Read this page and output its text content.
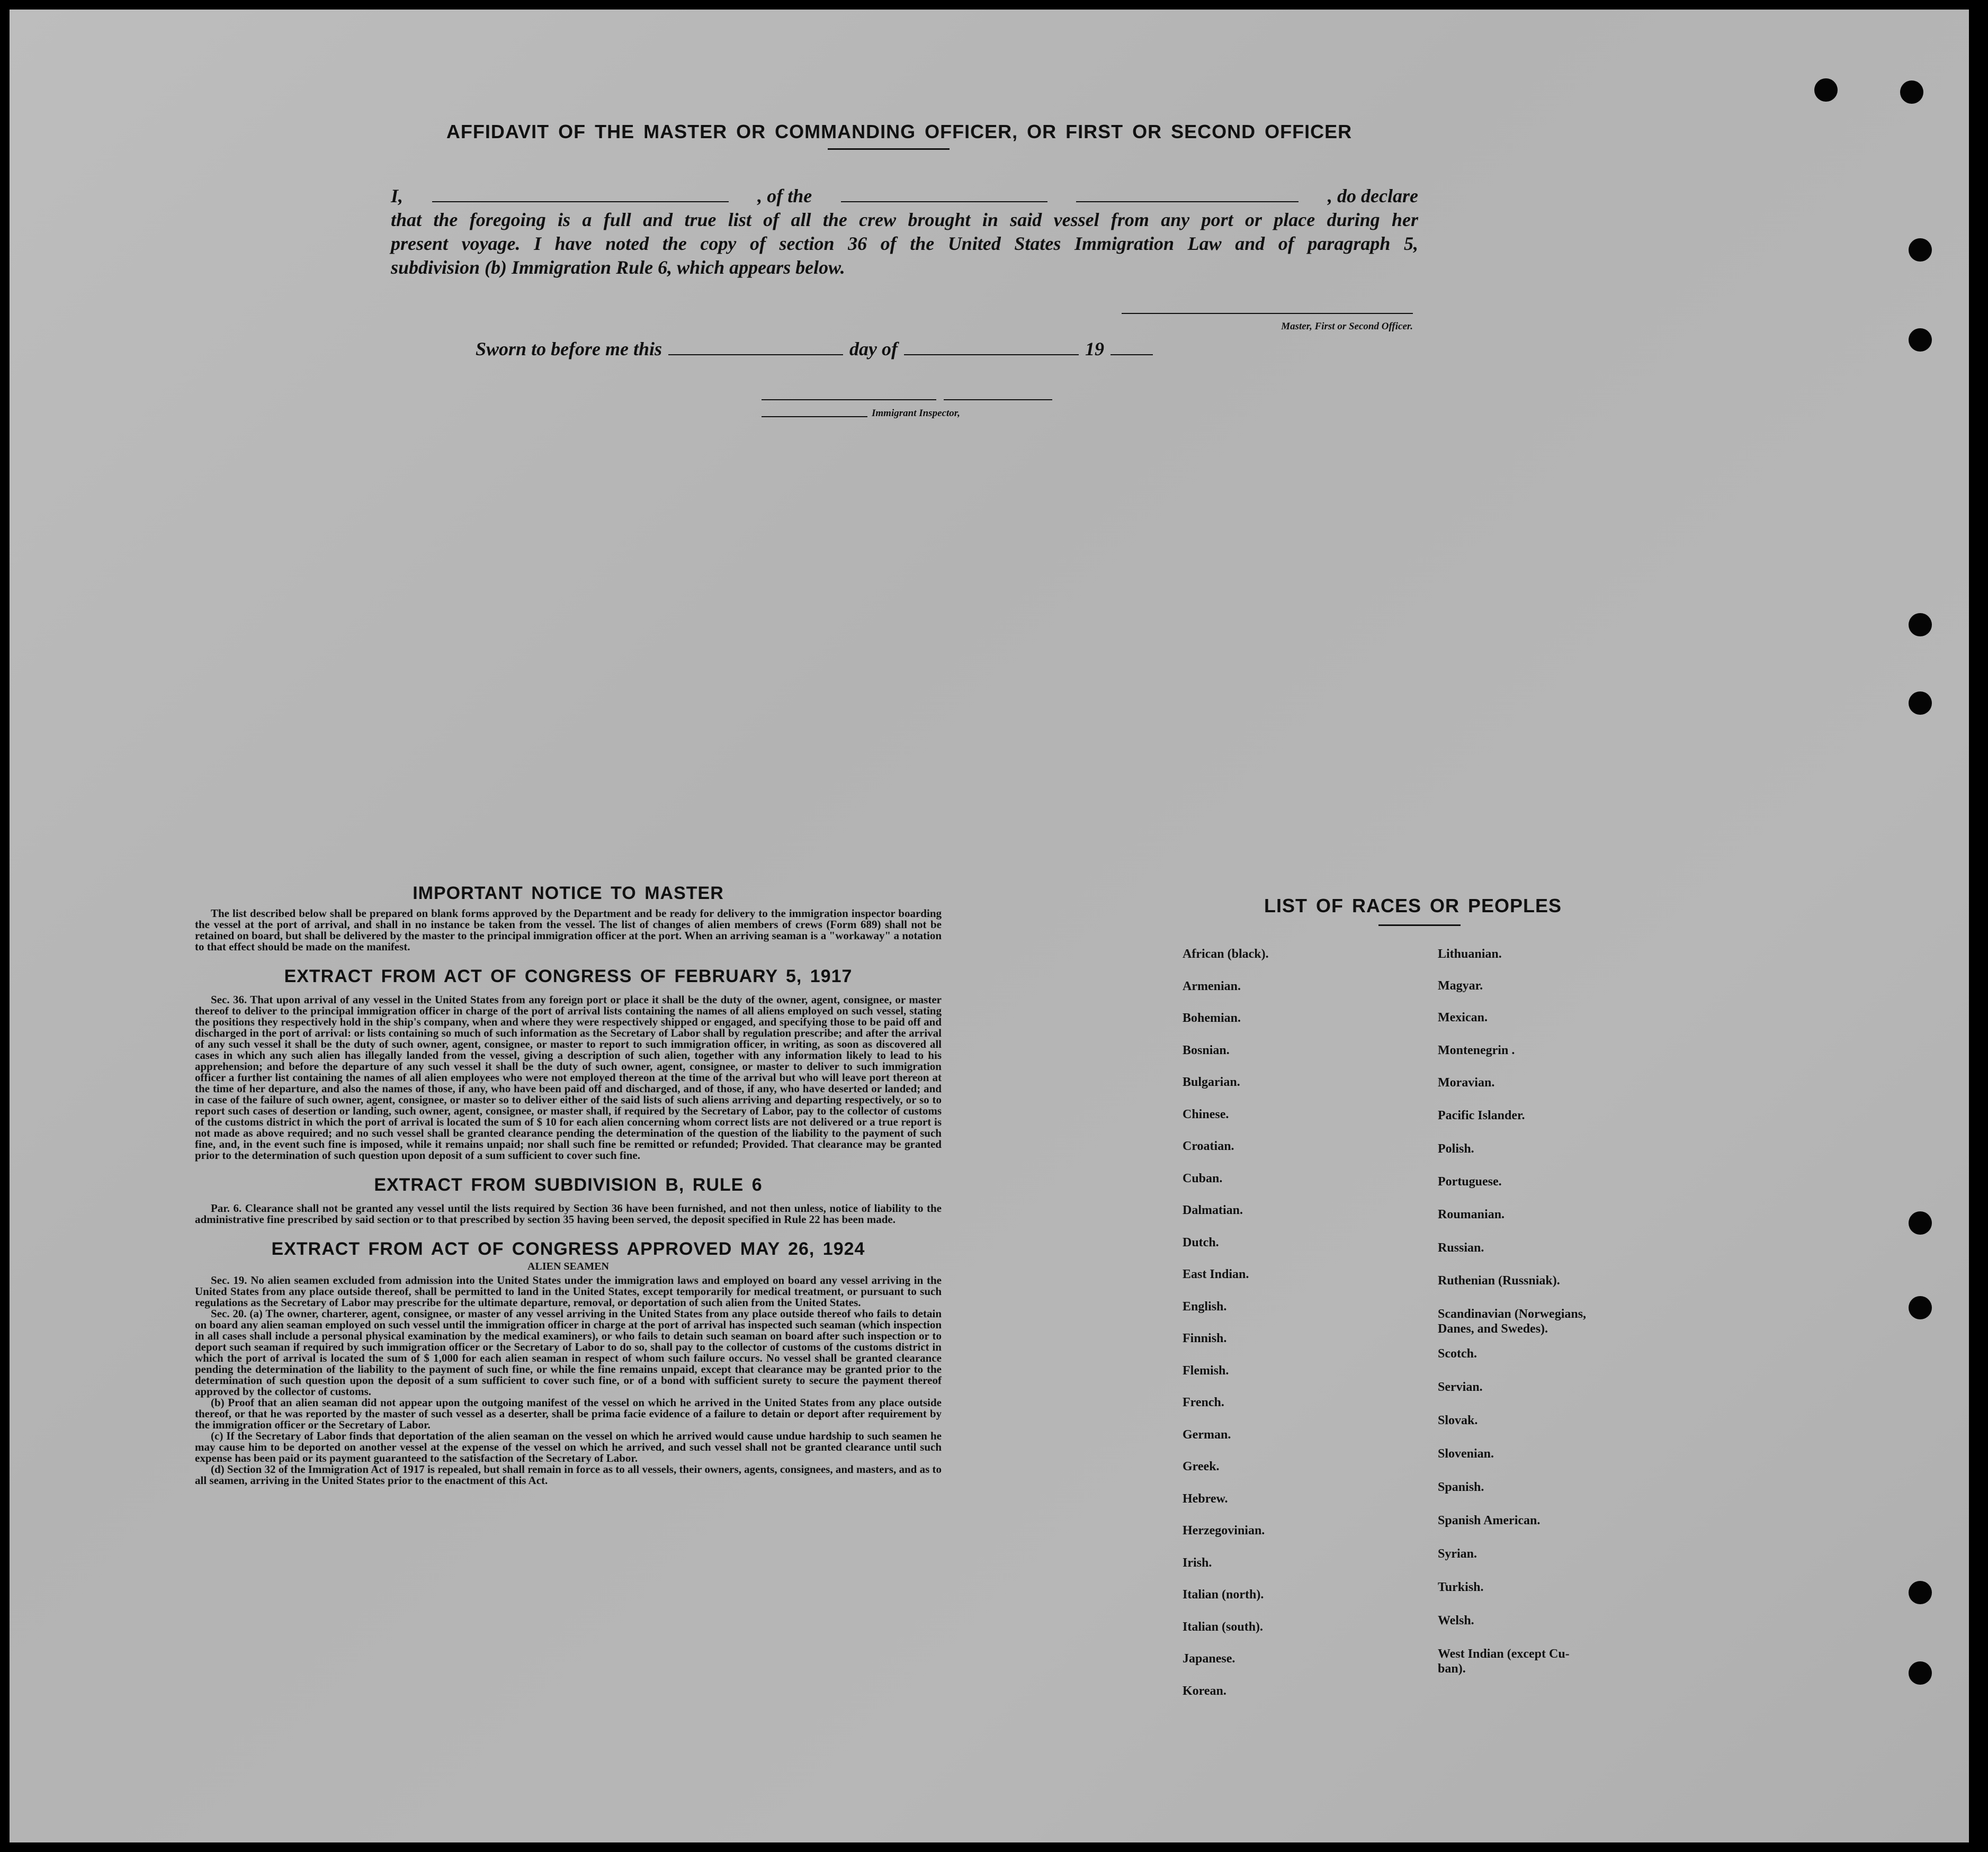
AFFIDAVIT OF THE MASTER OR COMMANDING OFFICER, OR FIRST OR SECOND OFFICER
I,	, of the	, do declare

that the foregoing is a full and true list of all the crew brought in said vessel from any port or place during her

present voyage. I have noted the copy of section 36 of the United States Immigration Law and of paragraph 5,

subdivision (b) Immigration Rule 6, which appears below.

Master, First or Second Officer.
Sworn to before me this	day of	19

Immigrant Inspector,
IMPORTANT NOTICE TO MASTER

The list described below shall be prepared on blank forms approved by the Department and be ready for delivery to the immigration inspector boarding the vessel at the port of arrival, and shall in no instance be taken from the vessel. The list of changes of alien members of crews (Form 689) shall not be retained on board, but shall be delivered by the master to the principal immigration officer at the port. When an arriving seaman is a "workaway" a notation to that effect should be made on the manifest.

EXTRACT FROM ACT OF CONGRESS OF FEBRUARY 5, 1917

Sec. 36. That upon arrival of any vessel in the United States from any foreign port or place it shall be the duty of the owner, agent, consignee, or master thereof to deliver to the principal immigration officer in charge of the port of arrival lists containing the names of all aliens employed on such vessel, stating the positions they respectively hold in the ship's company, when and where they were respectively shipped or engaged, and specifying those to be paid off and discharged in the port of arrival: or lists containing so much of such information as the Secretary of Labor shall by regulation prescribe; and after the arrival of any such vessel it shall be the duty of such owner, agent, consignee, or master to report to such immigration officer, in writing, as soon as discovered all cases in which any such alien has illegally landed from the vessel, giving a description of such alien, together with any information likely to lead to his apprehension; and before the departure of any such vessel it shall be the duty of such owner, agent, consignee, or master to deliver to such immigration officer a further list containing the names of all alien employees who were not employed thereon at the time of the arrival but who will leave port thereon at the time of her departure, and also the names of those, if any, who have been paid off and discharged, and of those, if any, who have deserted or landed; and in case of the failure of such owner, agent, consignee, or master so to deliver either of the said lists of such aliens arriving and departing respectively, or so to report such cases of desertion or landing, such owner, agent, consignee, or master shall, if required by the Secretary of Labor, pay to the collector of customs of the customs district in which the port of arrival is located the sum of $ 10 for each alien concerning whom correct lists are not delivered or a true report is not made as above required; and no such vessel shall be granted clearance pending the determination of the question of the liability to the payment of such fine, and, in the event such fine is imposed, while it remains unpaid; nor shall such fine be remitted or refunded; Provided. That clearance may be granted prior to the determination of such question upon deposit of a sum sufficient to cover such fine.

EXTRACT FROM SUBDIVISION B, RULE 6

Par. 6. Clearance shall not be granted any vessel until the lists required by Section 36 have been furnished, and not then unless, notice of liability to the administrative fine prescribed by said section or to that prescribed by section 35 having been served, the deposit specified in Rule 22 has been made.

EXTRACT FROM ACT OF CONGRESS APPROVED MAY 26, 1924
ALIEN SEAMEN

Sec. 19. No alien seamen excluded from admission into the United States under the immigration laws and employed on board any vessel arriving in the United States from any place outside thereof, shall be permitted to land in the United States, except temporarily for medical treatment, or pursuant to such regulations as the Secretary of Labor may prescribe for the ultimate departure, removal, or deportation of such alien from the United States.

Sec. 20. (a) The owner, charterer, agent, consignee, or master of any vessel arriving in the United States from any place outside thereof who fails to detain on board any alien seaman employed on such vessel until the immigration officer in charge at the port of arrival has inspected such seaman (which inspection in all cases shall include a personal physical examination by the medical examiners), or who fails to detain such seaman on board after such inspection or to deport such seaman if required by such immigration officer or the Secretary of Labor to do so, shall pay to the collector of customs of the customs district in which the port of arrival is located the sum of $ 1,000 for each alien seaman in respect of whom such failure occurs. No vessel shall be granted clearance pending the determination of the liability to the payment of such fine, or while the fine remains unpaid, except that clearance may be granted prior to the determination of such question upon the deposit of a sum sufficient to cover such fine, or of a bond with sufficient surety to secure the payment thereof approved by the collector of customs.

(b) Proof that an alien seaman did not appear upon the outgoing manifest of the vessel on which he arrived in the United States from any place outside thereof, or that he was reported by the master of such vessel as a deserter, shall be prima facie evidence of a failure to detain or deport after requirement by the immigration officer or the Secretary of Labor.

(c) If the Secretary of Labor finds that deportation of the alien seaman on the vessel on which he arrived would cause undue hardship to such seamen he may cause him to be deported on another vessel at the expense of the vessel on which he arrived, and such vessel shall not be granted clearance until such expense has been paid or its payment guaranteed to the satisfaction of the Secretary of Labor.

(d) Section 32 of the Immigration Act of 1917 is repealed, but shall remain in force as to all vessels, their owners, agents, consignees, and masters, and as to all seamen, arriving in the United States prior to the enactment of this Act.

LIST OF RACES OR PEOPLES
African (black).
Armenian.
Bohemian.
Bosnian.
Bulgarian.
Chinese.
Croatian.
Cuban.
Dalmatian.
Dutch.
East Indian.
English.
Finnish.
Flemish.
French.
German.
Greek.
Hebrew.
Herzegovinian.
Irish.
Italian (north).
Italian (south).
Japanese.
Korean.
Lithuanian.
Magyar.
Mexican.
Montenegrin .
Moravian.
Pacific Islander.
Polish.
Portuguese.
Roumanian.
Russian.
Ruthenian (Russniak).
Scandinavian (Norwegians,
Danes, and Swedes).
Scotch.
Servian.
Slovak.
Slovenian.
Spanish.
Spanish American.
Syrian.
Turkish.
Welsh.
West Indian (except Cu-
ban).
